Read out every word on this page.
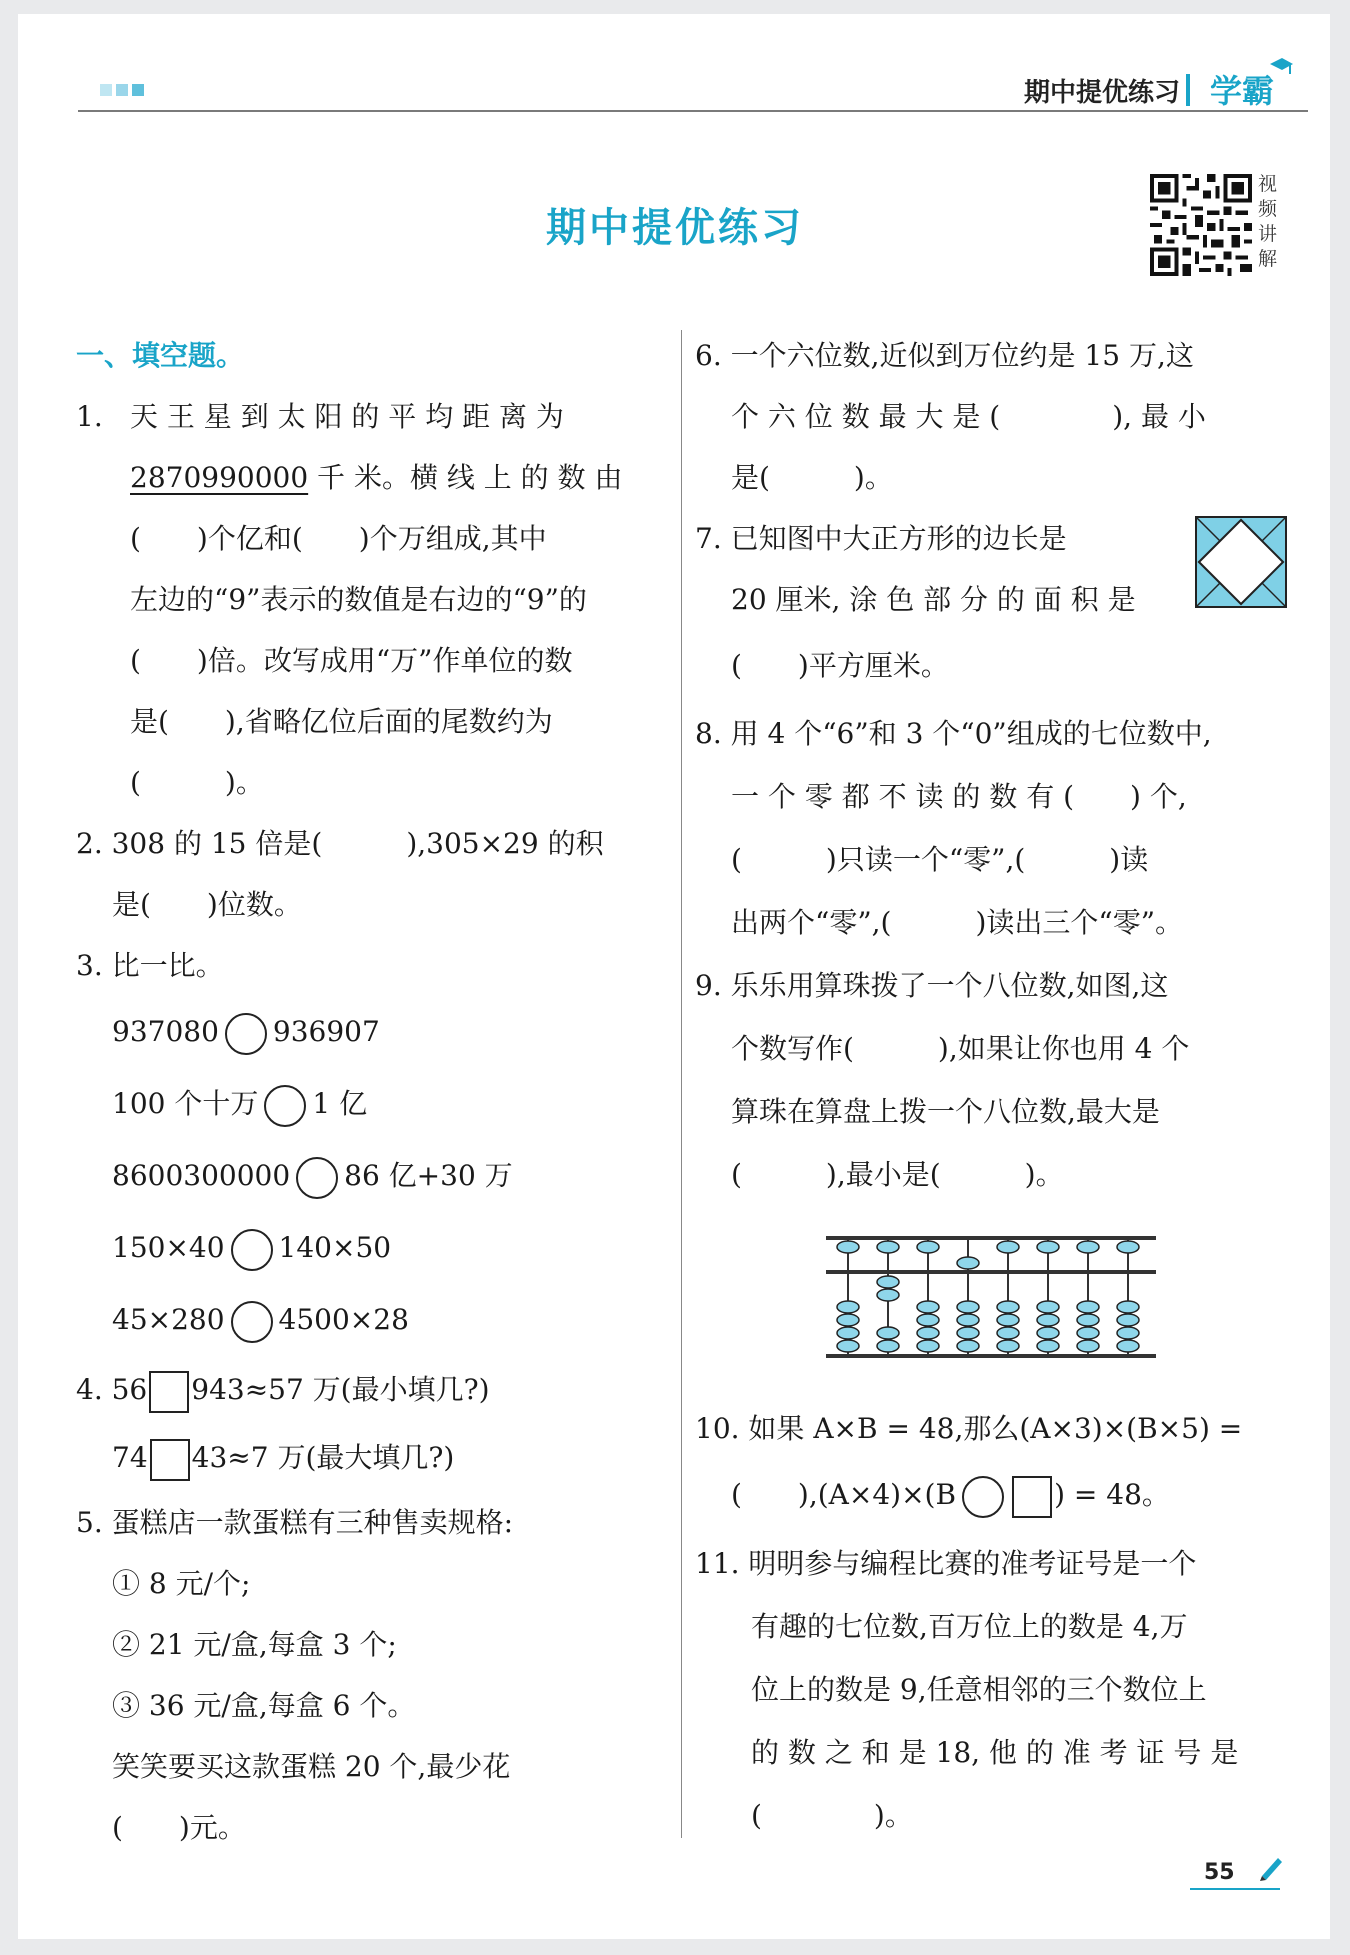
期中提优练习 学霸
期中提优练习
视
频
讲
解
一、填空题。
1. 天 王 星 到 太 阳 的 平 均 距 离 为
2870990000 千 米。横 线 上 的 数 由
(　　)个亿和(　　)个万组成,其中
左边的“9”表示的数值是右边的“9”的
(　　)倍。改写成用“万”作单位的数
是(　　),省略亿位后面的尾数约为
(　　　)。
2. 308 的 15 倍是(　　　),305×29 的积
是(　　)位数。
3. 比一比。
937080 936907
100 个十万 1 亿
8600300000 86 亿+30 万
150×40 140×50
45×280 4500×28
4. 56 943≈57 万(最小填几?)
74 43≈7 万(最大填几?)
5. 蛋糕店一款蛋糕有三种售卖规格:
① 8 元/个;
② 21 元/盒,每盒 3 个;
③ 36 元/盒,每盒 6 个。
笑笑要买这款蛋糕 20 个,最少花
(　　)元。
6. 一个六位数,近似到万位约是 15 万,这
个 六 位 数 最 大 是 (　　　　), 最 小
是(　　　)。
7. 已知图中大正方形的边长是
20 厘米, 涂 色 部 分 的 面 积 是
(　　)平方厘米。
8. 用 4 个“6”和 3 个“0”组成的七位数中,
一 个 零 都 不 读 的 数 有 (　　) 个,
(　　　)只读一个“零”,(　　　)读
出两个“零”,(　　　)读出三个“零”。
9. 乐乐用算珠拨了一个八位数,如图,这
个数写作(　　　),如果让你也用 4 个
算珠在算盘上拨一个八位数,最大是
(　　　),最小是(　　　)。
10. 如果 A×B = 48,那么(A×3)×(B×5) =
(　　),(A×4)×(B	) = 48。
11. 明明参与编程比赛的准考证号是一个
有趣的七位数,百万位上的数是 4,万
位上的数是 9,任意相邻的三个数位上
的 数 之 和 是 18, 他 的 准 考 证 号 是
(　　　　)。
55
